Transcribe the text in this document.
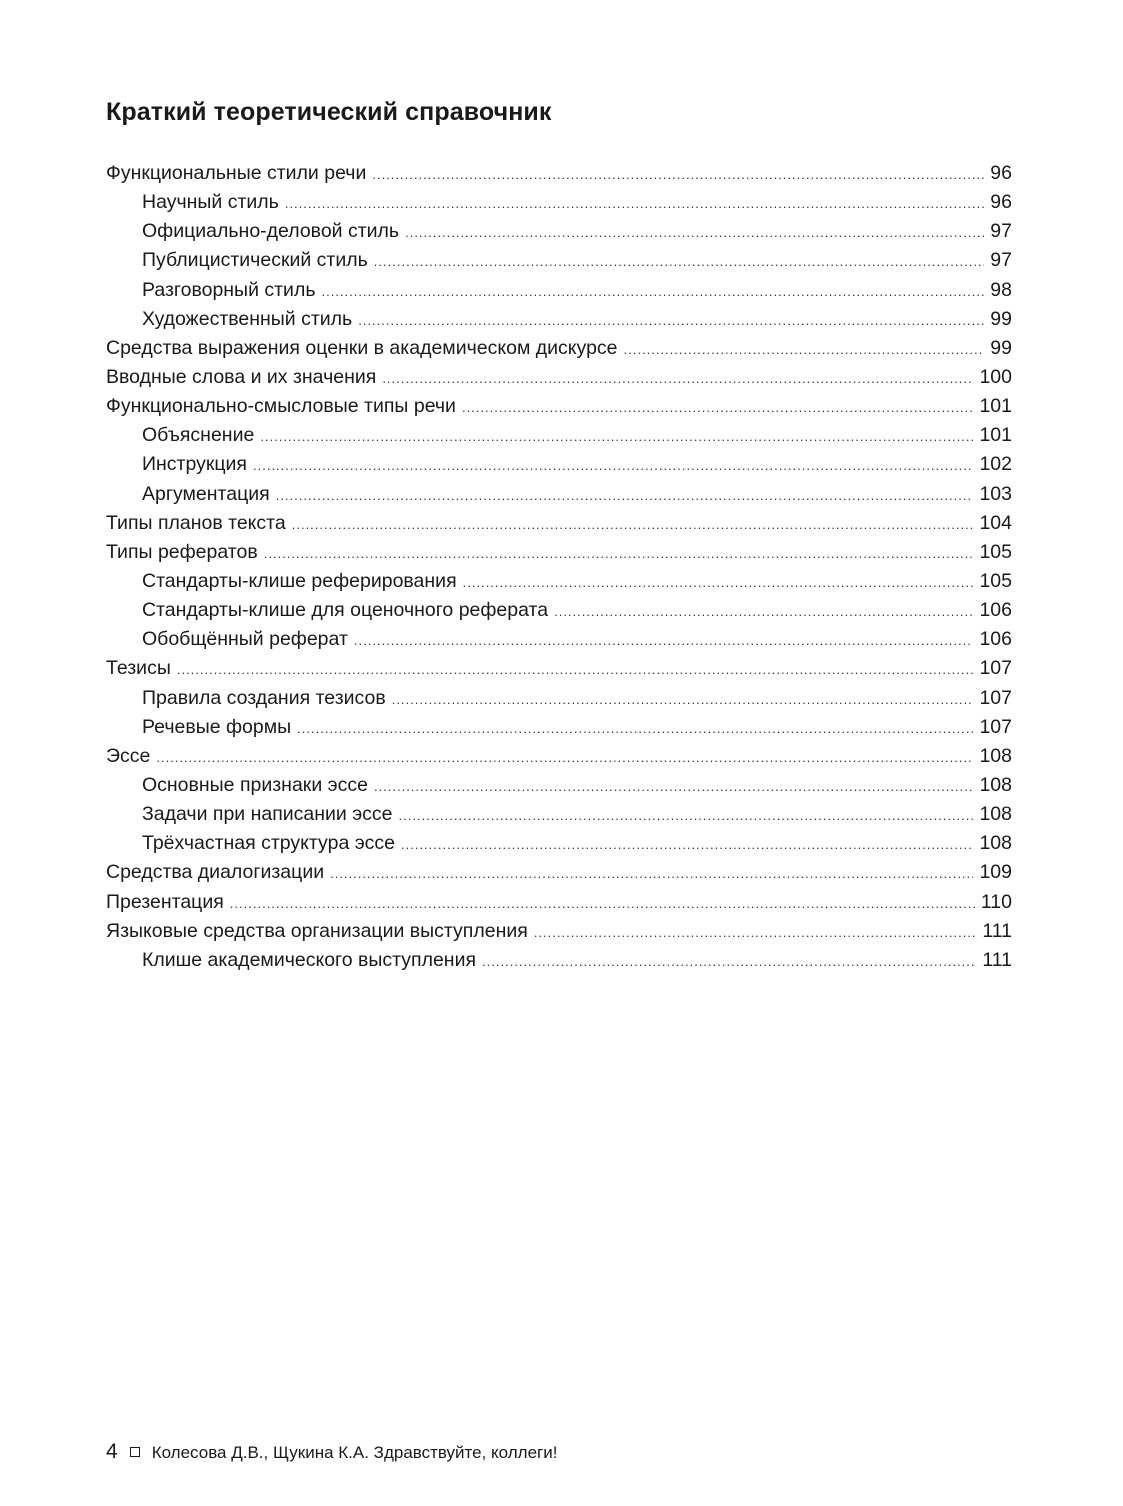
Краткий теоретический справочник
Функциональные стили речи .....	96
Научный стиль .....	96
Официально-деловой стиль .....	97
Публицистический стиль .....	97
Разговорный стиль .....	98
Художественный стиль .....	99
Средства выражения оценки в академическом дискурсе .....	99
Вводные слова и их значения .....	100
Функционально-смысловые типы речи .....	101
Объяснение .....	101
Инструкция .....	102
Аргументация .....	103
Типы планов текста .....	104
Типы рефератов .....	105
Стандарты-клише реферирования .....	105
Стандарты-клише для оценочного реферата .....	106
Обобщённый реферат .....	106
Тезисы .....	107
Правила создания тезисов .....	107
Речевые формы .....	107
Эссе .....	108
Основные признаки эссе .....	108
Задачи при написании эссе .....	108
Трёхчастная структура эссе .....	108
Средства диалогизации .....	109
Презентация .....	110
Языковые средства организации выступления .....	111
Клише академического выступления .....	111
4 Колесова Д.В., Щукина К.А. Здравствуйте, коллеги!
